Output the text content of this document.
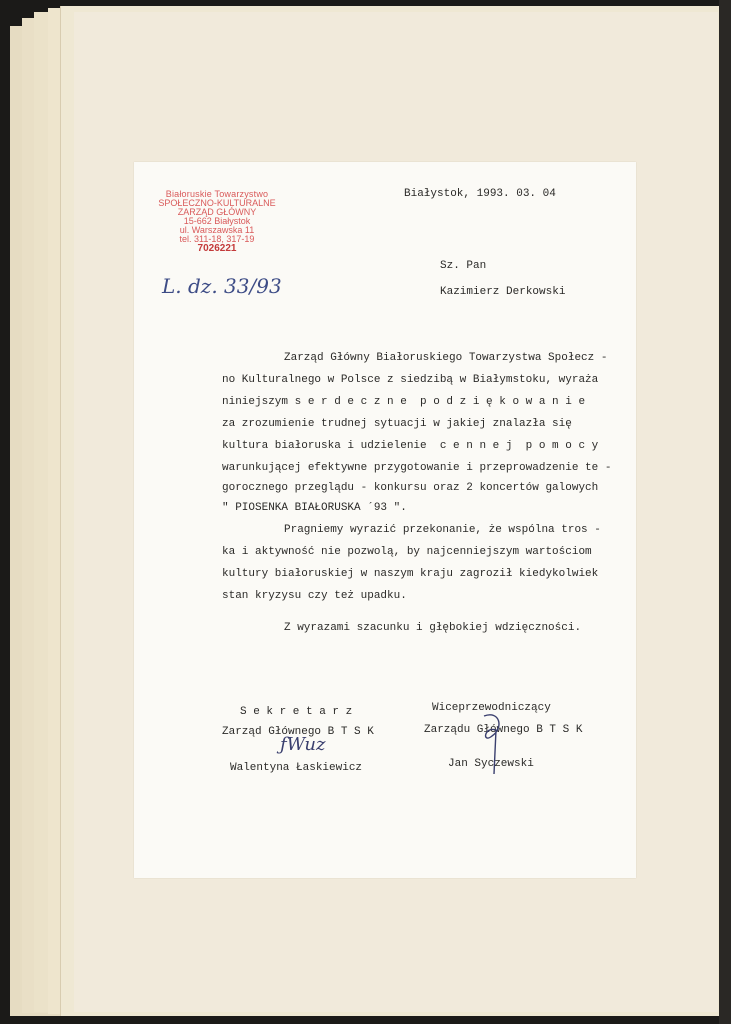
Białoruskie Towarzystwo
SPOŁECZNO-KULTURALNE
ZARZĄD GŁÓWNY
15-662 Białystok
ul. Warszawska 11
tel. 311-18, 317-19
7026221
L. dz. 33/93
Białystok, 1993. 03. 04
Sz. Pan
Kazimierz Derkowski
Zarząd Główny Białoruskiego Towarzystwa Społecz -
no Kulturalnego w Polsce z siedzibą w Białymstoku, wyraża
niniejszym s e r d e c z n e  p o d z i ę k o w a n i e
za zrozumienie trudnej sytuacji w jakiej znalazła się
kultura białoruska i udzielenie  c e n n e j  p o m o c y
warunkującej efektywne przygotowanie i przeprowadzenie te -
gorocznego przeglądu - konkursu oraz 2 koncertów galowych
" PIOSENKA BIAŁORUSKA ´93 ".
Pragniemy wyrazić przekonanie, że wspólna tros -
ka i aktywność nie pozwolą, by najcenniejszym wartościom
kultury białoruskiej w naszym kraju zagroził kiedykolwiek
stan kryzysu czy też upadku.
Z wyrazami szacunku i głębokiej wdzięczności.
S e k r e t a r z
Zarząd Głównego B T S K
ƒWuz
Walentyna Łaskiewicz
Wiceprzewodniczący
Zarządu Głównego B T S K
Jan Syczewski
